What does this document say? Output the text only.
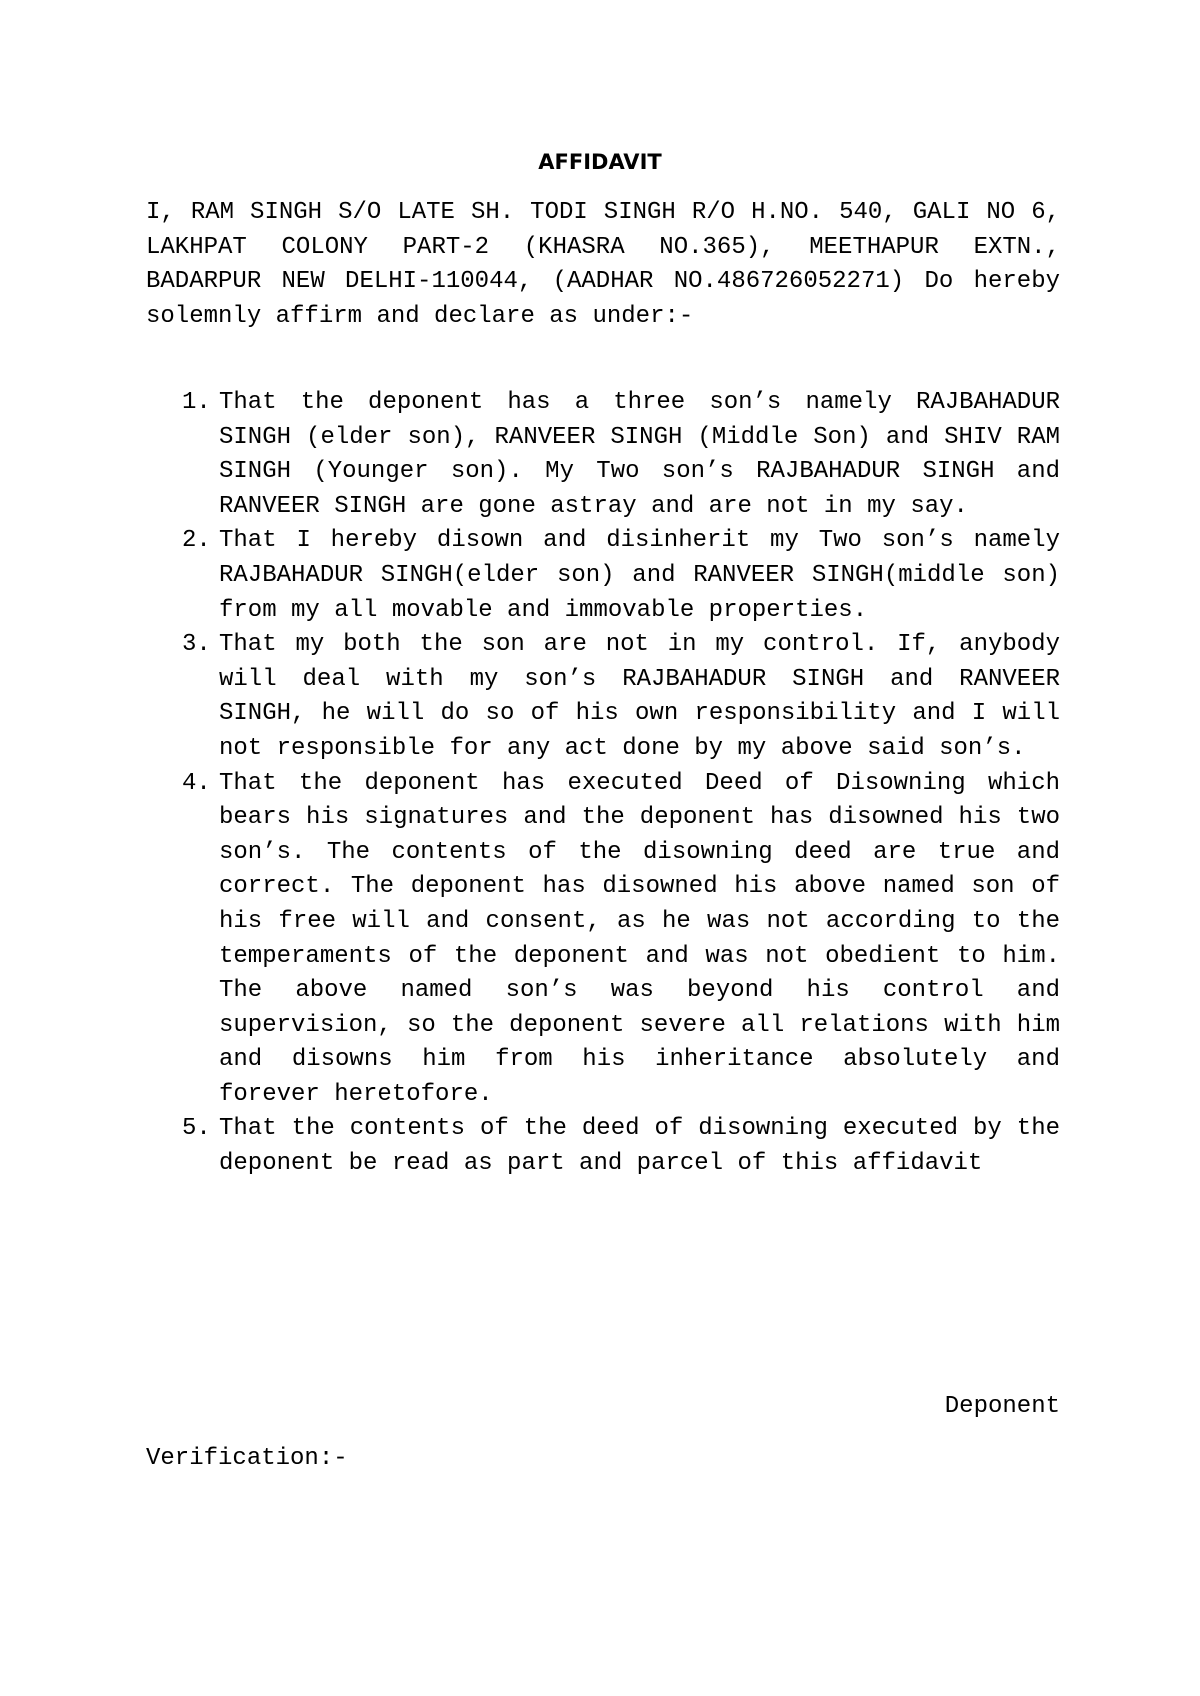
AFFIDAVIT
I, RAM SINGH S/O LATE SH. TODI SINGH R/O H.NO. 540, GALI NO 6, LAKHPAT COLONY PART-2 (KHASRA NO.365), MEETHAPUR EXTN., BADARPUR NEW DELHI-110044, (AADHAR NO.486726052271) Do hereby solemnly affirm and declare as under:-
1. That the deponent has a three son’s namely RAJBAHADUR SINGH (elder son), RANVEER SINGH (Middle Son) and SHIV RAM SINGH (Younger son). My Two son’s RAJBAHADUR SINGH and RANVEER SINGH are gone astray and are not in my say.
2. That I hereby disown and disinherit my Two son’s namely RAJBAHADUR SINGH(elder son) and RANVEER SINGH(middle son) from my all movable and immovable properties.
3. That my both the son are not in my control. If, anybody will deal with my son’s RAJBAHADUR SINGH and RANVEER SINGH, he will do so of his own responsibility and I will not responsible for any act done by my above said son’s.
4. That the deponent has executed Deed of Disowning which bears his signatures and the deponent has disowned his two son’s. The contents of the disowning deed are true and correct. The deponent has disowned his above named son of his free will and consent, as he was not according to the temperaments of the deponent and was not obedient to him. The above named son’s was beyond his control and supervision, so the deponent severe all relations with him and disowns him from his inheritance absolutely and forever heretofore.
5. That the contents of the deed of disowning executed by the deponent be read as part and parcel of this affidavit
Deponent
Verification:-
